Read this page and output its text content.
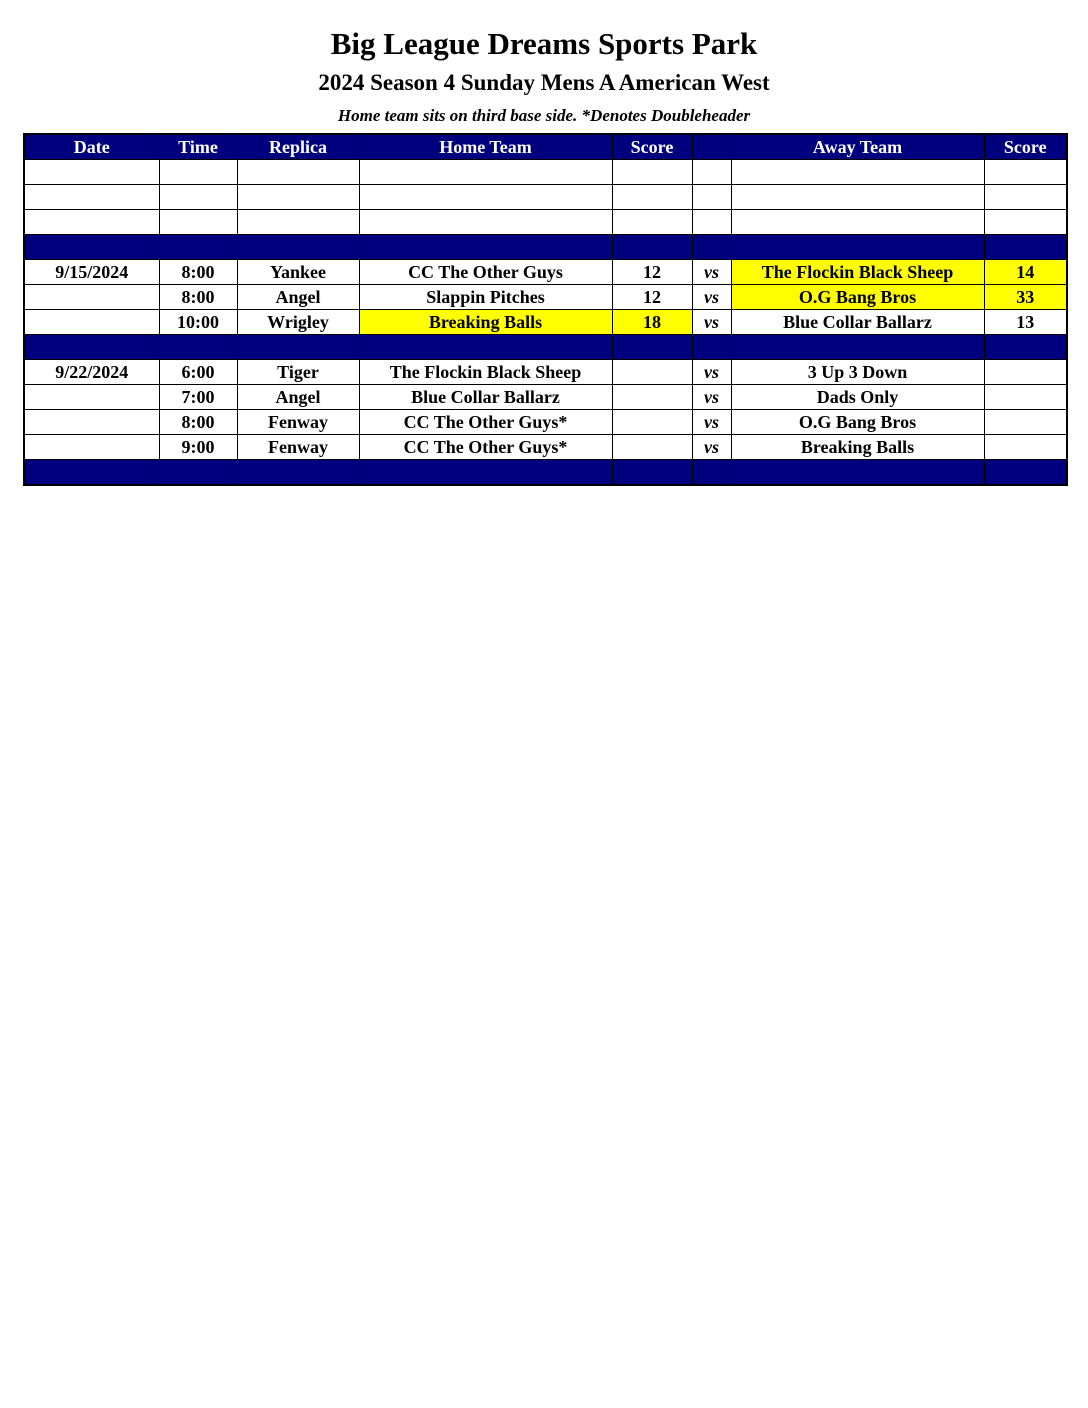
Big League Dreams Sports Park
2024 Season 4 Sunday Mens A American West
Home team sits on third base side. *Denotes Doubleheader
Date	Time	Replica	Home Team	Score		Away Team	Score

9/15/2024	8:00	Yankee	CC The Other Guys	12	vs	The Flockin Black Sheep	14
	8:00	Angel	Slappin Pitches	12	vs	O.G Bang Bros	33
	10:00	Wrigley	Breaking Balls	18	vs	Blue Collar Ballarz	13

9/22/2024	6:00	Tiger	The Flockin Black Sheep		vs	3 Up 3 Down	
	7:00	Angel	Blue Collar Ballarz		vs	Dads Only	
	8:00	Fenway	CC The Other Guys*		vs	O.G Bang Bros	
	9:00	Fenway	CC The Other Guys*		vs	Breaking Balls	
